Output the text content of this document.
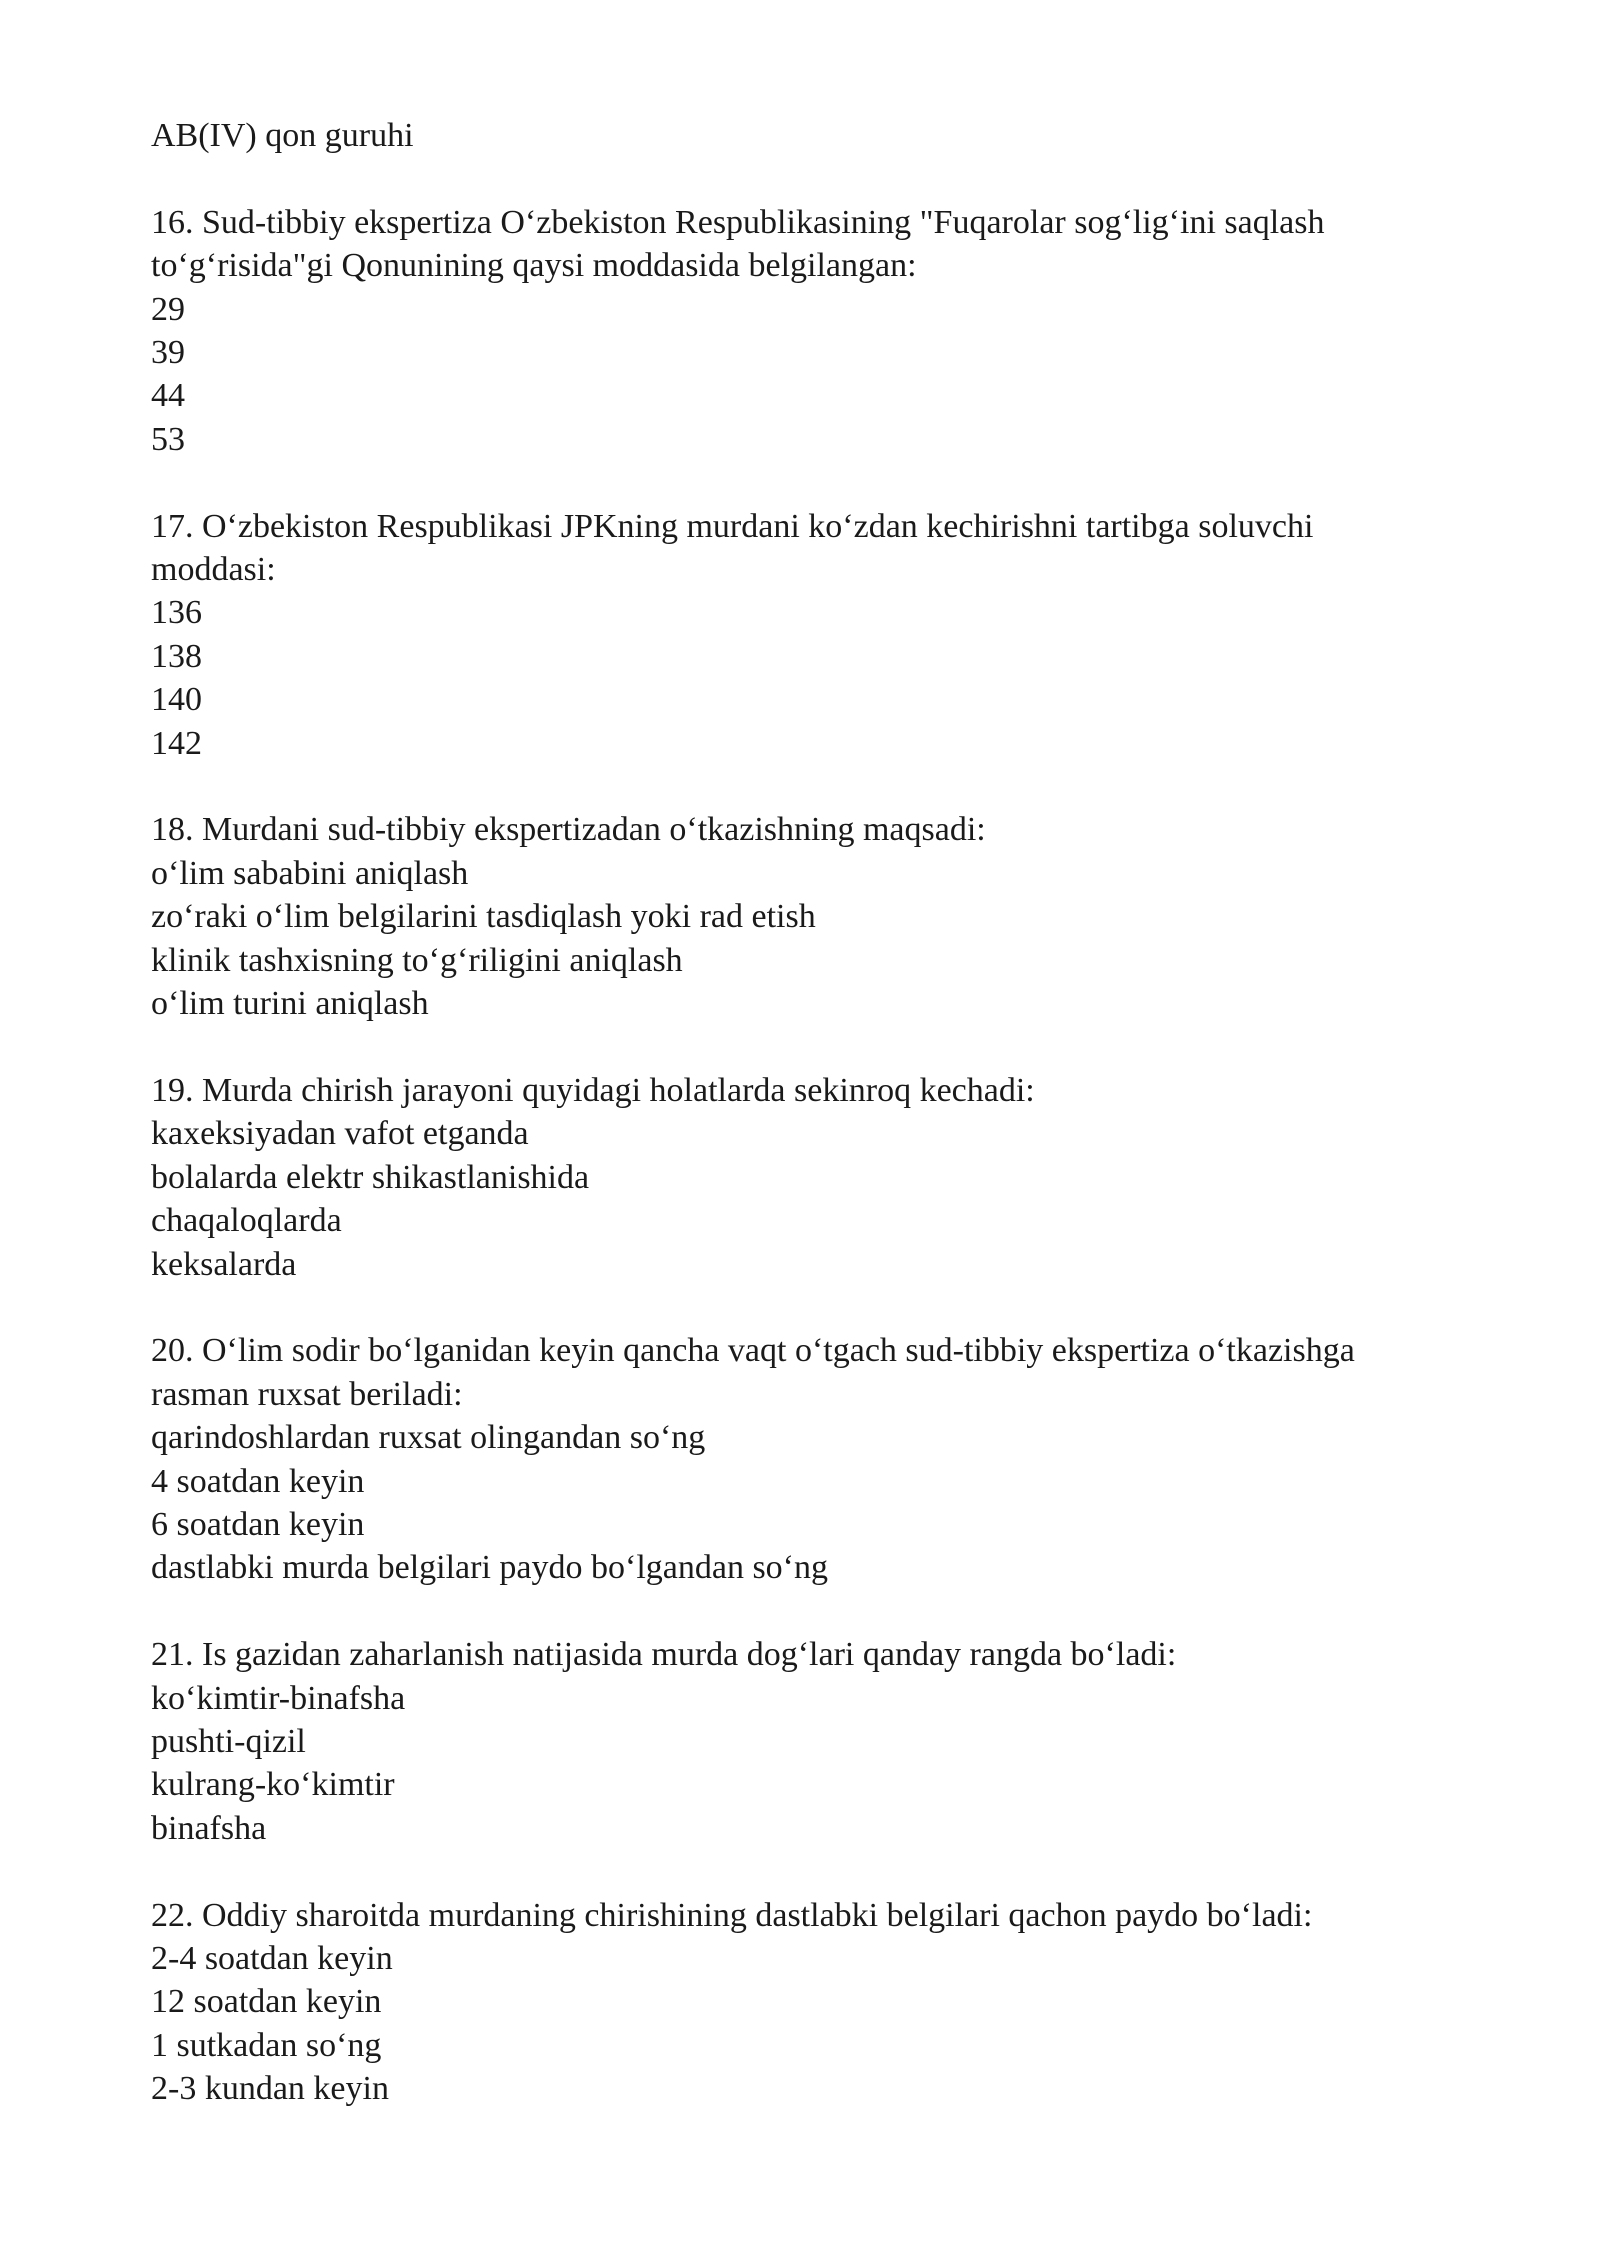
AB(IV) qon guruhi

16. Sud-tibbiy ekspertiza O‘zbekiston Respublikasining "Fuqarolar sog‘lig‘ini saqlash
to‘g‘risida"gi Qonunining qaysi moddasida belgilangan:

29
39
44
53

17. O‘zbekiston Respublikasi JPKning murdani ko‘zdan kechirishni tartibga soluvchi
moddasi:

136
138
140
142

18. Murdani sud-tibbiy ekspertizadan o‘tkazishning maqsadi:

o‘lim sababini aniqlash
zo‘raki o‘lim belgilarini tasdiqlash yoki rad etish
klinik tashxisning to‘g‘riligini aniqlash
o‘lim turini aniqlash

19. Murda chirish jarayoni quyidagi holatlarda sekinroq kechadi:

kaxeksiyadan vafot etganda
bolalarda elektr shikastlanishida
chaqaloqlarda
keksalarda

20. O‘lim sodir bo‘lganidan keyin qancha vaqt o‘tgach sud-tibbiy ekspertiza o‘tkazishga
rasman ruxsat beriladi:

qarindoshlardan ruxsat olingandan so‘ng
4 soatdan keyin
6 soatdan keyin
dastlabki murda belgilari paydo bo‘lgandan so‘ng

21. Is gazidan zaharlanish natijasida murda dog‘lari qanday rangda bo‘ladi:

ko‘kimtir-binafsha
pushti-qizil
kulrang-ko‘kimtir
binafsha

22. Oddiy sharoitda murdaning chirishining dastlabki belgilari qachon paydo bo‘ladi:

2-4 soatdan keyin
12 soatdan keyin
1 sutkadan so‘ng
2-3 kundan keyin
